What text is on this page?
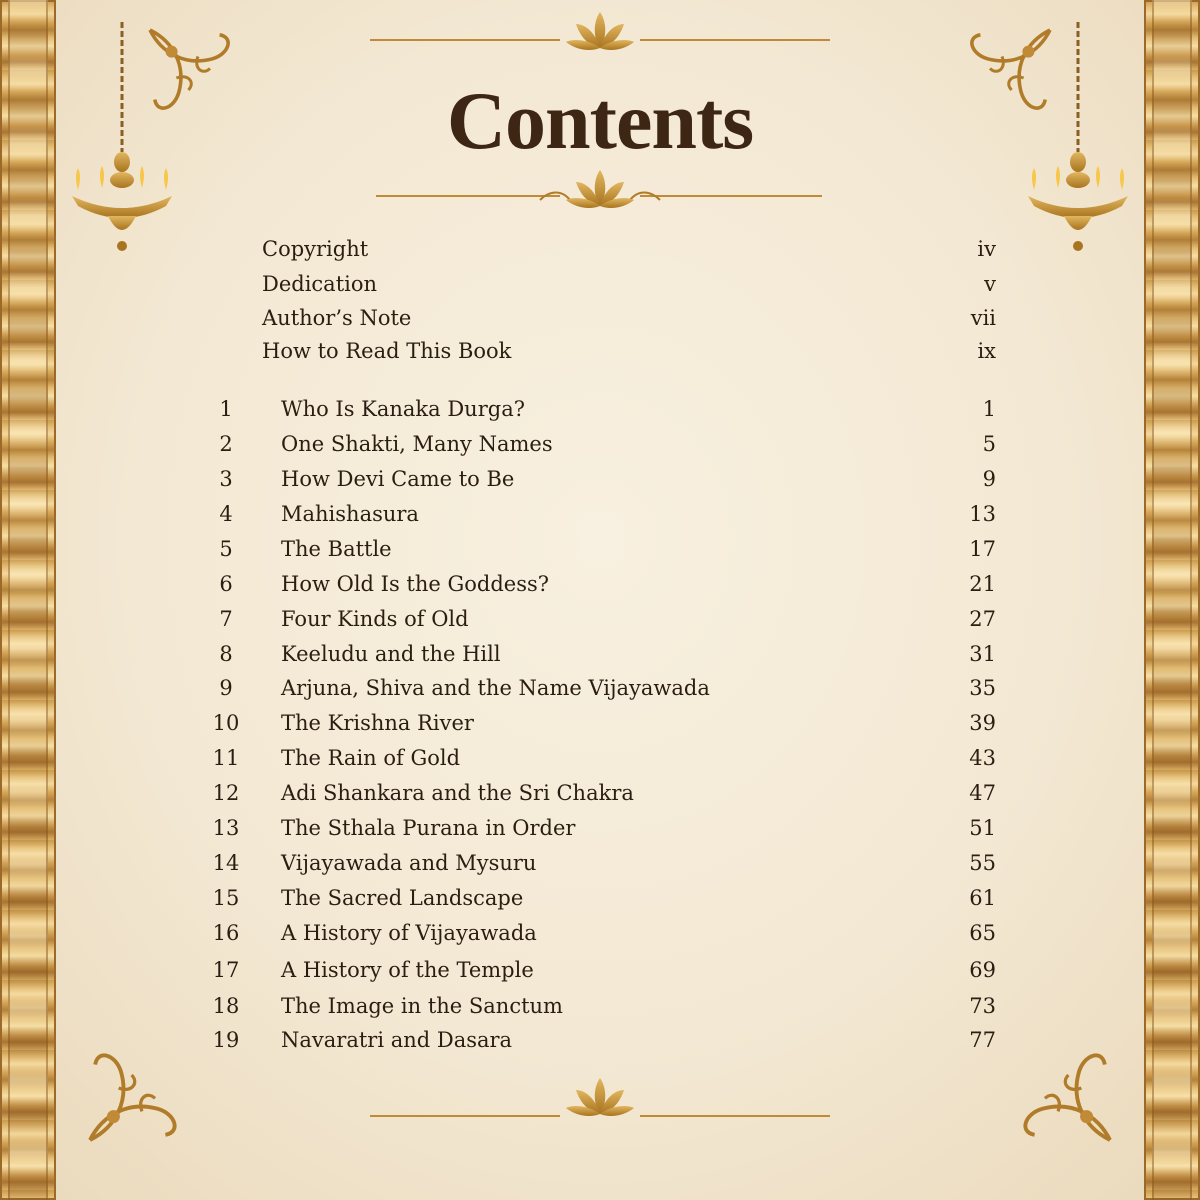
Contents
Copyright	iv
Dedication	v
Author’s Note	vii
How to Read This Book	ix
1	Who Is Kanaka Durga?	1
2	One Shakti, Many Names	5
3	How Devi Came to Be	9
4	Mahishasura	13
5	The Battle	17
6	How Old Is the Goddess?	21
7	Four Kinds of Old	27
8	Keeludu and the Hill	31
9	Arjuna, Shiva and the Name Vijayawada	35
10	The Krishna River	39
11	The Rain of Gold	43
12	Adi Shankara and the Sri Chakra	47
13	The Sthala Purana in Order	51
14	Vijayawada and Mysuru	55
15	The Sacred Landscape	61
16	A History of Vijayawada	65
17	A History of the Temple	69
18	The Image in the Sanctum	73
19	Navaratri and Dasara	77
